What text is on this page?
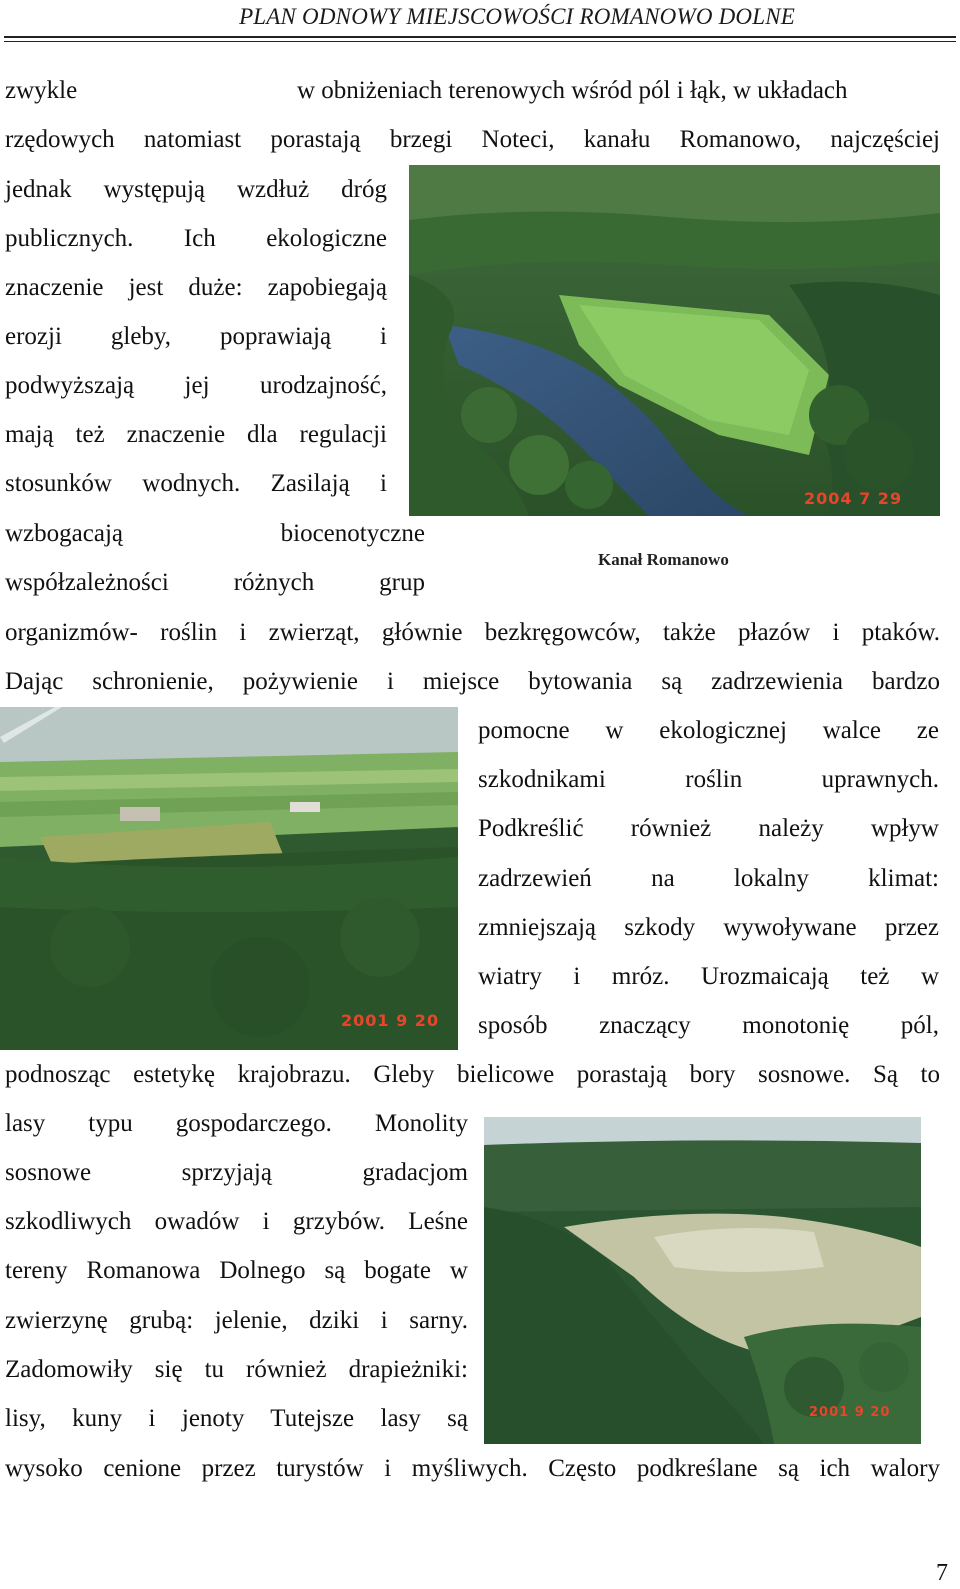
PLAN ODNOWY MIEJSCOWOŚCI ROMANOWO DOLNE
zwykle	w obniżeniach terenowych wśród pól i łąk, w układach
rzędowych natomiast porastają brzegi Noteci, kanału Romanowo, najczęściej
jednak występują wzdłuż dróg
publicznych. Ich ekologiczne
znaczenie jest duże: zapobiegają
erozji gleby, poprawiają i
podwyższają jej urodzajność,
mają też znaczenie dla regulacji
stosunków wodnych. Zasilają i
wzbogacają biocenotyczne
współzależności różnych grup
2004 7 29
Kanał Romanowo
organizmów- roślin i zwierząt, głównie bezkręgowców, także płazów i ptaków.
Dając schronienie, pożywienie i miejsce bytowania są zadrzewienia bardzo
2001 9 20
pomocne w ekologicznej walce ze
szkodnikami roślin uprawnych.
Podkreślić również należy wpływ
zadrzewień na lokalny klimat:
zmniejszają szkody wywoływane przez
wiatry i mróz. Urozmaicają też w
sposób znaczący monotonię pól,
podnosząc estetykę krajobrazu. Gleby bielicowe porastają bory sosnowe. Są to
lasy typu gospodarczego. Monolity
sosnowe sprzyjają gradacjom
szkodliwych owadów i grzybów. Leśne
tereny Romanowa Dolnego są bogate w
zwierzynę grubą: jelenie, dziki i sarny.
Zadomowiły się tu również drapieżniki:
lisy, kuny i jenoty Tutejsze lasy są	2001 9 20
wysoko cenione przez turystów i myśliwych. Często podkreślane są ich walory
7
